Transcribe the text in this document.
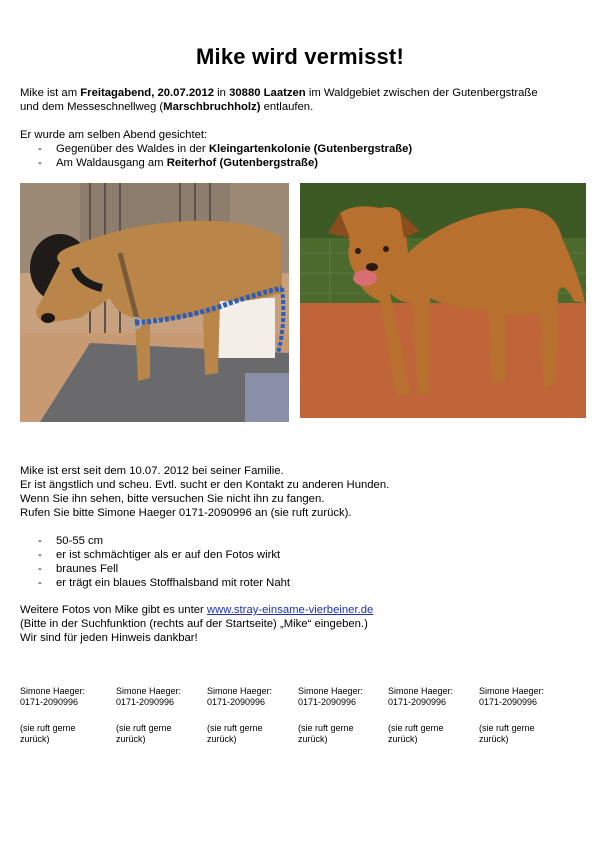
Mike wird vermisst!
Mike ist am Freitagabend, 20.07.2012 in 30880 Laatzen im Waldgebiet zwischen der Gutenbergstraße
und dem Messeschnellweg (Marschbruchholz) entlaufen.
Er wurde am selben Abend gesichtet:
- Gegenüber des Waldes in der Kleingartenkolonie (Gutenbergstraße)
- Am Waldausgang am Reiterhof (Gutenbergstraße)
Mike ist erst seit dem 10.07. 2012 bei seiner Familie.
Er ist ängstlich und scheu. Evtl. sucht er den Kontakt zu anderen Hunden.
Wenn Sie ihn sehen, bitte versuchen Sie nicht ihn zu fangen.
Rufen Sie bitte Simone Haeger 0171-2090996 an (sie ruft zurück).
- 50-55 cm
- er ist schmächtiger als er auf den Fotos wirkt
- braunes Fell
- er trägt ein blaues Stoffhalsband mit roter Naht
Weitere Fotos von Mike gibt es unter www.stray-einsame-vierbeiner.de
(Bitte in der Suchfunktion (rechts auf der Startseite) „Mike“ eingeben.)
Wir sind für jeden Hinweis dankbar!
Simone Haeger:
0171-2090996
(sie ruft gerne
zurück)
Simone Haeger:
0171-2090996
(sie ruft gerne
zurück)
Simone Haeger:
0171-2090996
(sie ruft gerne
zurück)
Simone Haeger:
0171-2090996
(sie ruft gerne
zurück)
Simone Haeger:
0171-2090996
(sie ruft gerne
zurück)
Simone Haeger:
0171-2090996
(sie ruft gerne
zurück)
